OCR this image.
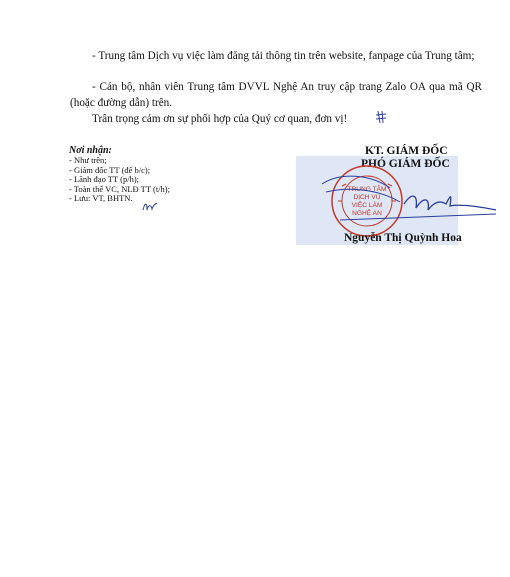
- Trung tâm Dịch vụ việc làm đăng tải thông tin trên website, fanpage của Trung tâm;
- Cán bộ, nhân viên Trung tâm DVVL Nghệ An truy cập trang Zalo OA qua mã QR (hoặc đường dẫn) trên.
Trân trọng cảm ơn sự phối hợp của Quý cơ quan, đơn vị!
Nơi nhận:
- Như trên;
- Giám đốc TT (để b/c);
- Lãnh đạo TT (p/h);
- Toàn thể VC, NLĐ TT (t/h);
- Lưu: VT, BHTN.
KT. GIÁM ĐỐC
PHÓ GIÁM ĐỐC
TRUNG TÂM
DỊCH VỤ
VIỆC LÀM
NGHỆ AN
Nguyễn Thị Quỳnh Hoa
